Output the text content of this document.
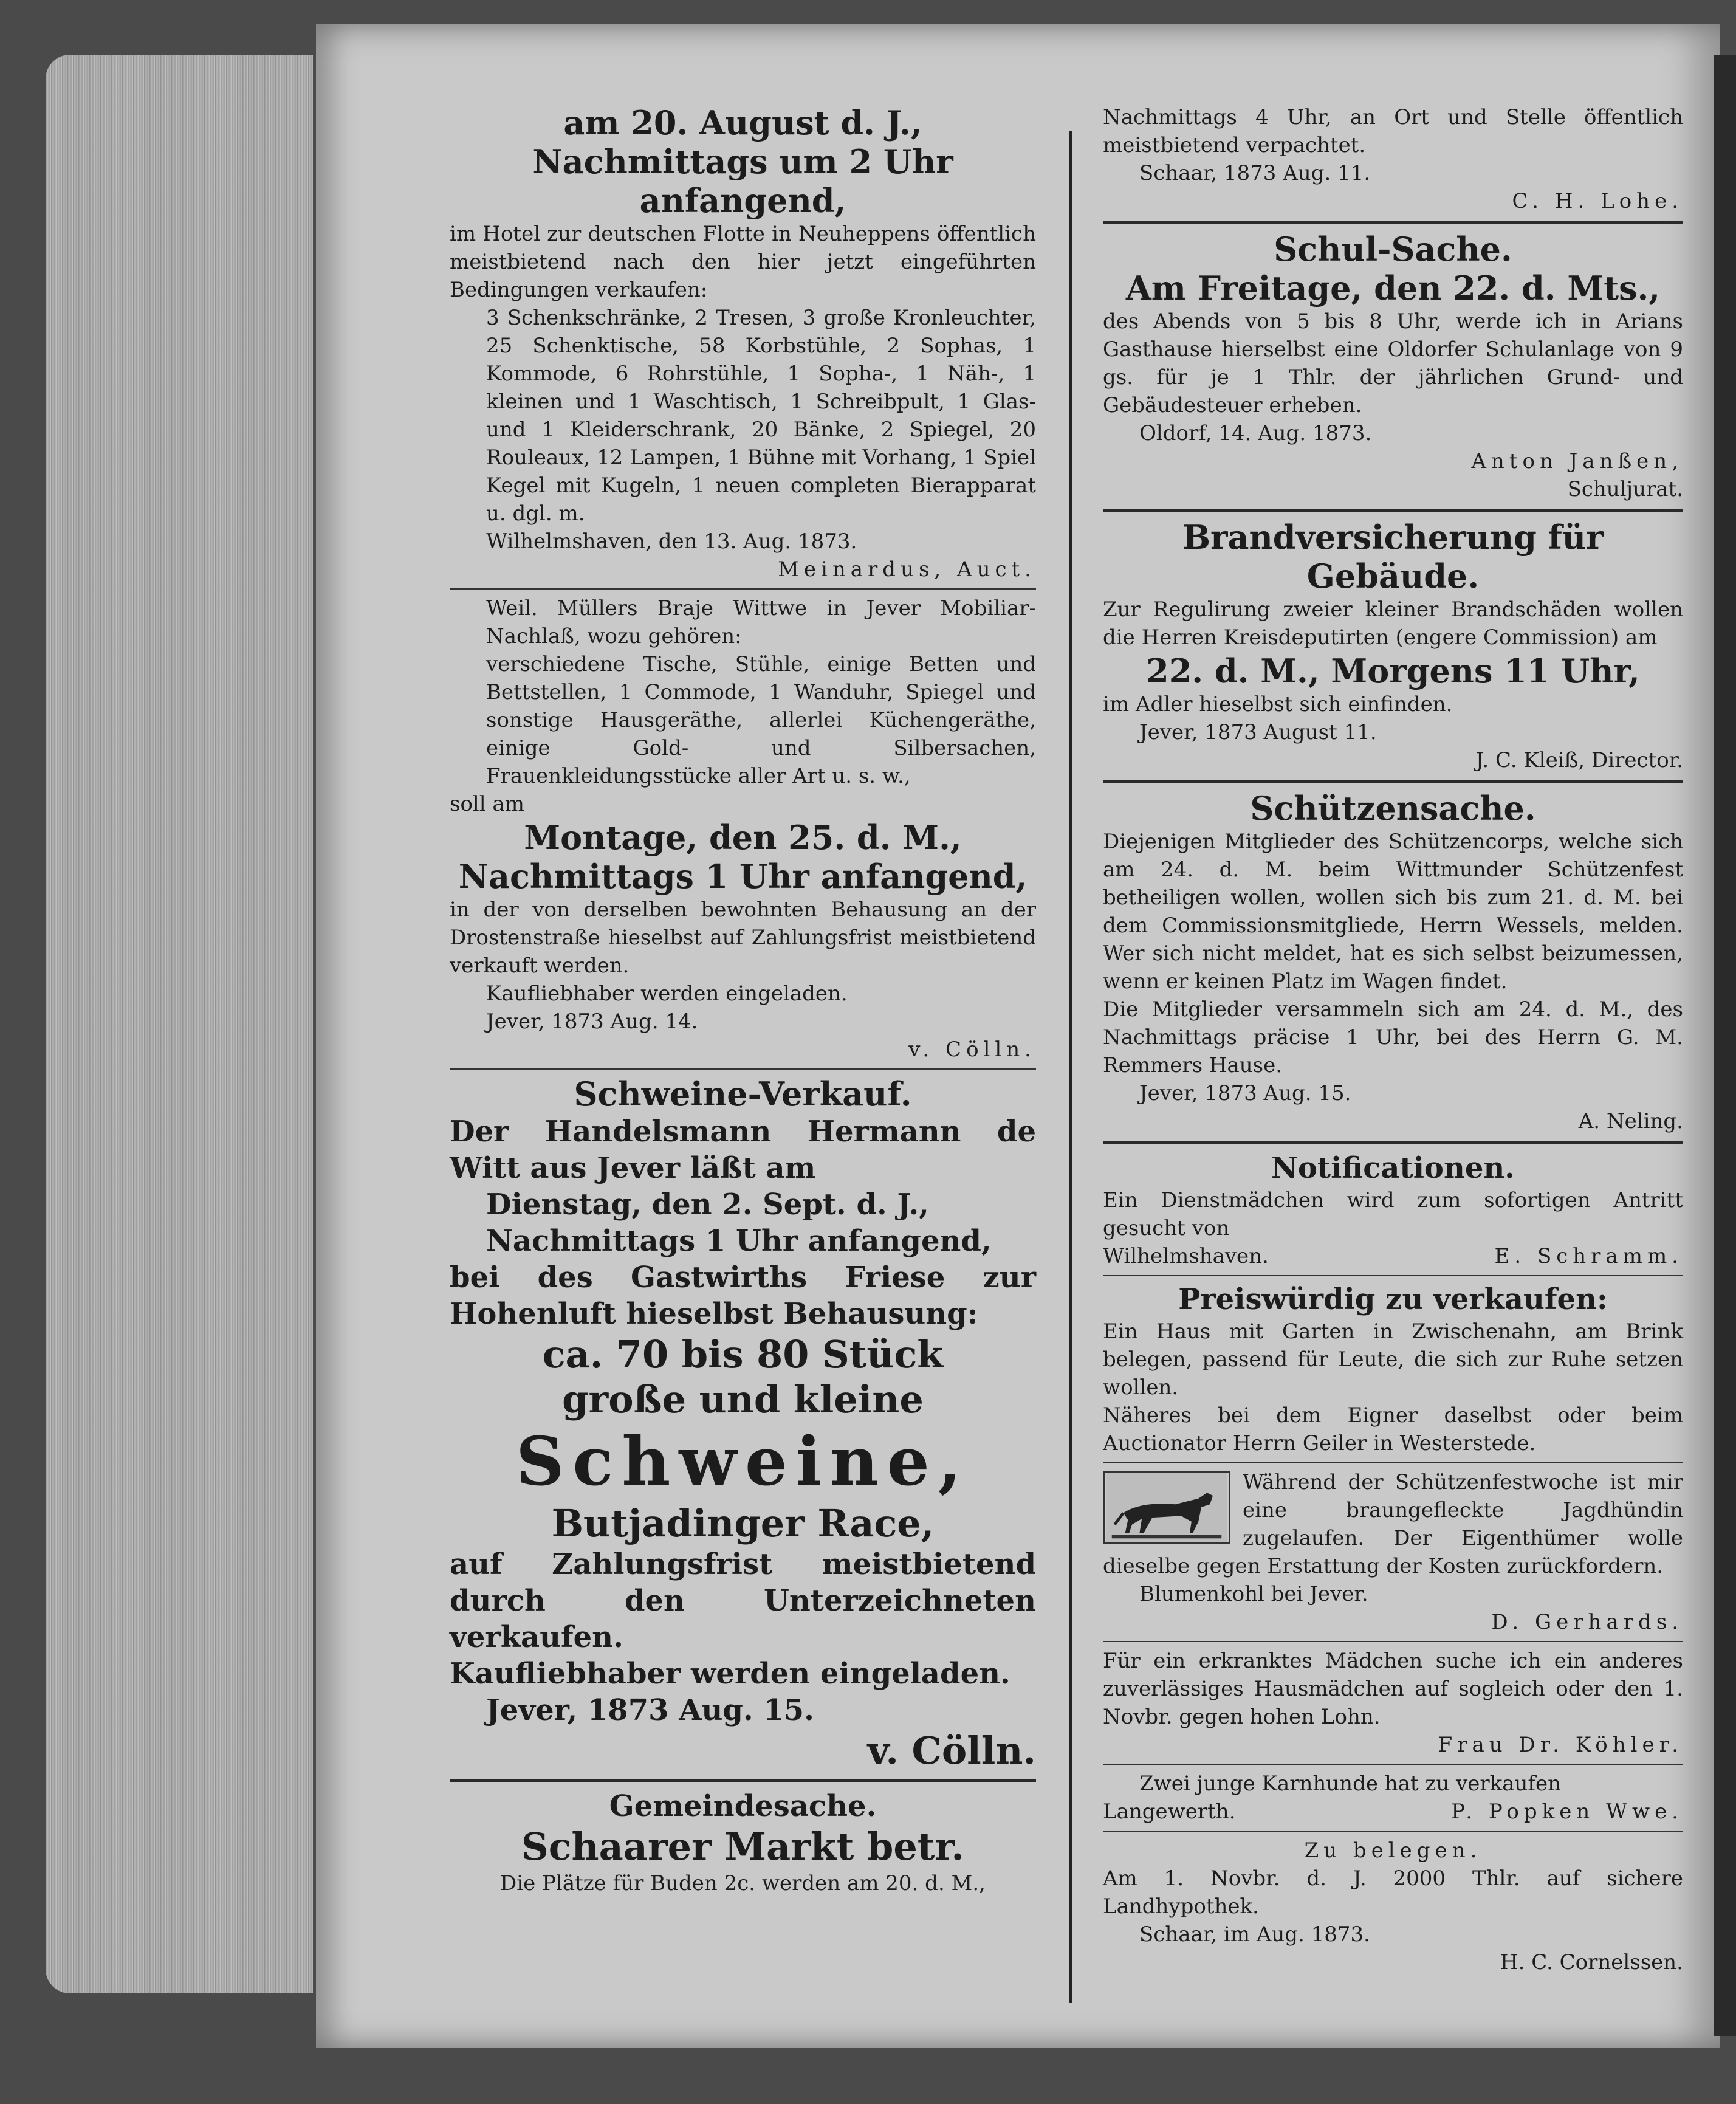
am 20. August d. J.,
Nachmittags um 2 Uhr anfangend,
im Hotel zur deutschen Flotte in Neuheppens öffentlich meistbietend nach den hier jetzt eingeführten Bedingungen verkaufen:
3 Schenkschränke, 2 Tresen, 3 große Kronleuchter, 25 Schenktische, 58 Korbstühle, 2 Sophas, 1 Kommode, 6 Rohrstühle, 1 Sopha-, 1 Näh-, 1 kleinen und 1 Waschtisch, 1 Schreibpult, 1 Glas- und 1 Kleiderschrank, 20 Bänke, 2 Spiegel, 20 Rouleaux, 12 Lampen, 1 Bühne mit Vorhang, 1 Spiel Kegel mit Kugeln, 1 neuen completen Bierapparat u. dgl. m.
Wilhelmshaven, den 13. Aug. 1873.
Meinardus, Auct.
Weil. Müllers Braje Wittwe in Jever Mobiliar-Nachlaß, wozu gehören:
verschiedene Tische, Stühle, einige Betten und Bettstellen, 1 Commode, 1 Wanduhr, Spiegel und sonstige Hausgeräthe, allerlei Küchengeräthe, einige Gold- und Silbersachen, Frauenkleidungsstücke aller Art u. s. w.,
soll am
Montage, den 25. d. M.,
Nachmittags 1 Uhr anfangend,
in der von derselben bewohnten Behausung an der Drostenstraße hieselbst auf Zahlungsfrist meistbietend verkauft werden.
Kaufliebhaber werden eingeladen.
Jever, 1873 Aug. 14.
v. Cölln.
Schweine-Verkauf.
Der Handelsmann Hermann de Witt aus Jever läßt am
Dienstag, den 2. Sept. d. J.,
Nachmittags 1 Uhr anfangend,
bei des Gastwirths Friese zur Hohenluft hieselbst Behausung:
ca. 70 bis 80 Stück
große und kleine
Schweine,
Butjadinger Race,
auf Zahlungsfrist meistbietend durch den Unterzeichneten verkaufen.
Kaufliebhaber werden eingeladen.
Jever, 1873 Aug. 15.
v. Cölln.
Gemeindesache.
Schaarer Markt betr.
Die Plätze für Buden 2c. werden am 20. d. M.,
Nachmittags 4 Uhr, an Ort und Stelle öffentlich meistbietend verpachtet.
Schaar, 1873 Aug. 11.
C. H. Lohe.
Schul-Sache.
Am Freitage, den 22. d. Mts.,
des Abends von 5 bis 8 Uhr, werde ich in Arians Gasthause hierselbst eine Oldorfer Schulanlage von 9 gs. für je 1 Thlr. der jährlichen Grund- und Gebäudesteuer erheben.
Oldorf, 14. Aug. 1873.
Anton Janßen,
Schuljurat.
Brandversicherung für Gebäude.
Zur Regulirung zweier kleiner Brandschäden wollen die Herren Kreisdeputirten (engere Commission) am
22. d. M., Morgens 11 Uhr,
im Adler hieselbst sich einfinden.
Jever, 1873 August 11.
J. C. Kleiß, Director.
Schützensache.
Diejenigen Mitglieder des Schützencorps, welche sich am 24. d. M. beim Wittmunder Schützenfest betheiligen wollen, wollen sich bis zum 21. d. M. bei dem Commissionsmitgliede, Herrn Wessels, melden. Wer sich nicht meldet, hat es sich selbst beizumessen, wenn er keinen Platz im Wagen findet.
Die Mitglieder versammeln sich am 24. d. M., des Nachmittags präcise 1 Uhr, bei des Herrn G. M. Remmers Hause.
Jever, 1873 Aug. 15.
A. Neling.
Notificationen.
Ein Dienstmädchen wird zum sofortigen Antritt gesucht von
Wilhelmshaven.	E. Schramm.
Preiswürdig zu verkaufen:
Ein Haus mit Garten in Zwischenahn, am Brink belegen, passend für Leute, die sich zur Ruhe setzen wollen.
Näheres bei dem Eigner daselbst oder beim Auctionator Herrn Geiler in Westerstede.
Während der Schützenfestwoche ist mir eine braungefleckte Jagdhündin zugelaufen. Der Eigenthümer wolle dieselbe gegen Erstattung der Kosten zurückfordern.
Blumenkohl bei Jever.
D. Gerhards.
Für ein erkranktes Mädchen suche ich ein anderes zuverlässiges Hausmädchen auf sogleich oder den 1. Novbr. gegen hohen Lohn.
Frau Dr. Köhler.
Zwei junge Karnhunde hat zu verkaufen
Langewerth.	P. Popken Wwe.
Zu belegen.
Am 1. Novbr. d. J. 2000 Thlr. auf sichere Landhypothek.
Schaar, im Aug. 1873.
H. C. Cornelssen.
